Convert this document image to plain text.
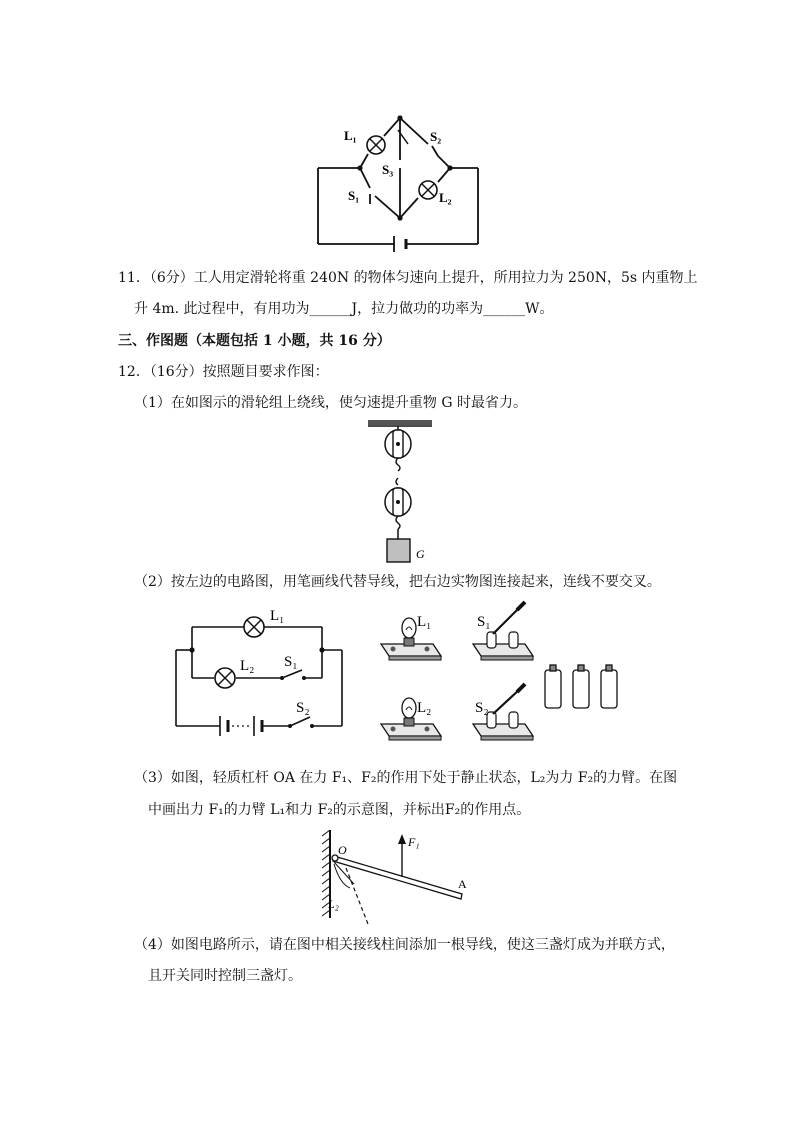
L₁	S₂
S₃
S₁	L₂
11．（6分）工人用定滑轮将重 240N 的物体匀速向上提升，所用拉力为 250N，5s 内重物上
升 4m. 此过程中，有用功为______J，拉力做功的功率为______W。
三、作图题（本题包括 1 小题，共 16 分）
12．（16分）按照题目要求作图：
（1）在如图示的滑轮组上绕线，使匀速提升重物 G 时最省力。
G
（2）按左边的电路图，用笔画线代替导线，把右边实物图连接起来，连线不要交叉。
L₁
L₂ S₁
S₂
L₁	S₁
L₂	S₂
（3）如图，轻质杠杆 OA 在力 F₁、F₂的作用下处于静止状态，L₂为力 F₂的力臂。在图
中画出力 F₁的力臂 L₁和力 F₂的示意图，并标出F₂的作用点。
O
F₁
A
L₂
（4）如图电路所示，请在图中相关接线柱间添加一根导线，使这三盏灯成为并联方式，
且开关同时控制三盏灯。
